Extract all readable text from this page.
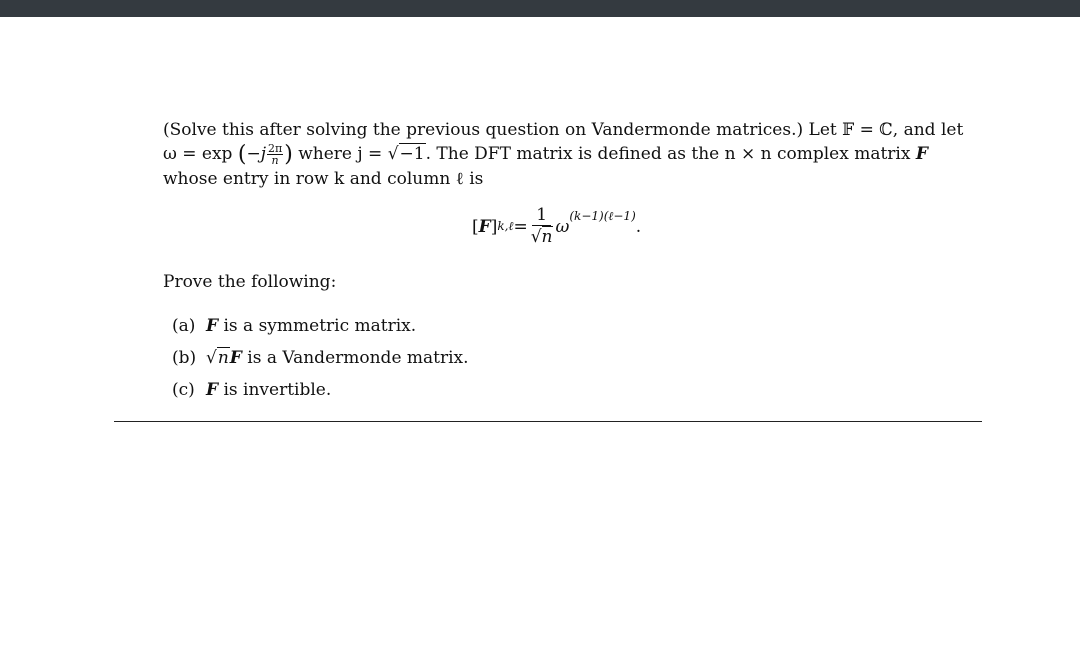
(Solve this after solving the previous question on Vandermonde matrices.) Let 𝔽 = ℂ, and let

$\omega = \exp (-j \frac{2\pi}{n}$ ) where j = √−1. The DFT matrix is defined as the n × n complex matrix F

whose entry in row k and column ℓ is

[ F ] k,ℓ = $\frac{1}{√n}$ ω
$^{(k-1)(\ell-1)}$
.
Prove the following:
(a) F is a symmetric matrix.
(b) √nF is a Vandermonde matrix.
(c) F is invertible.
